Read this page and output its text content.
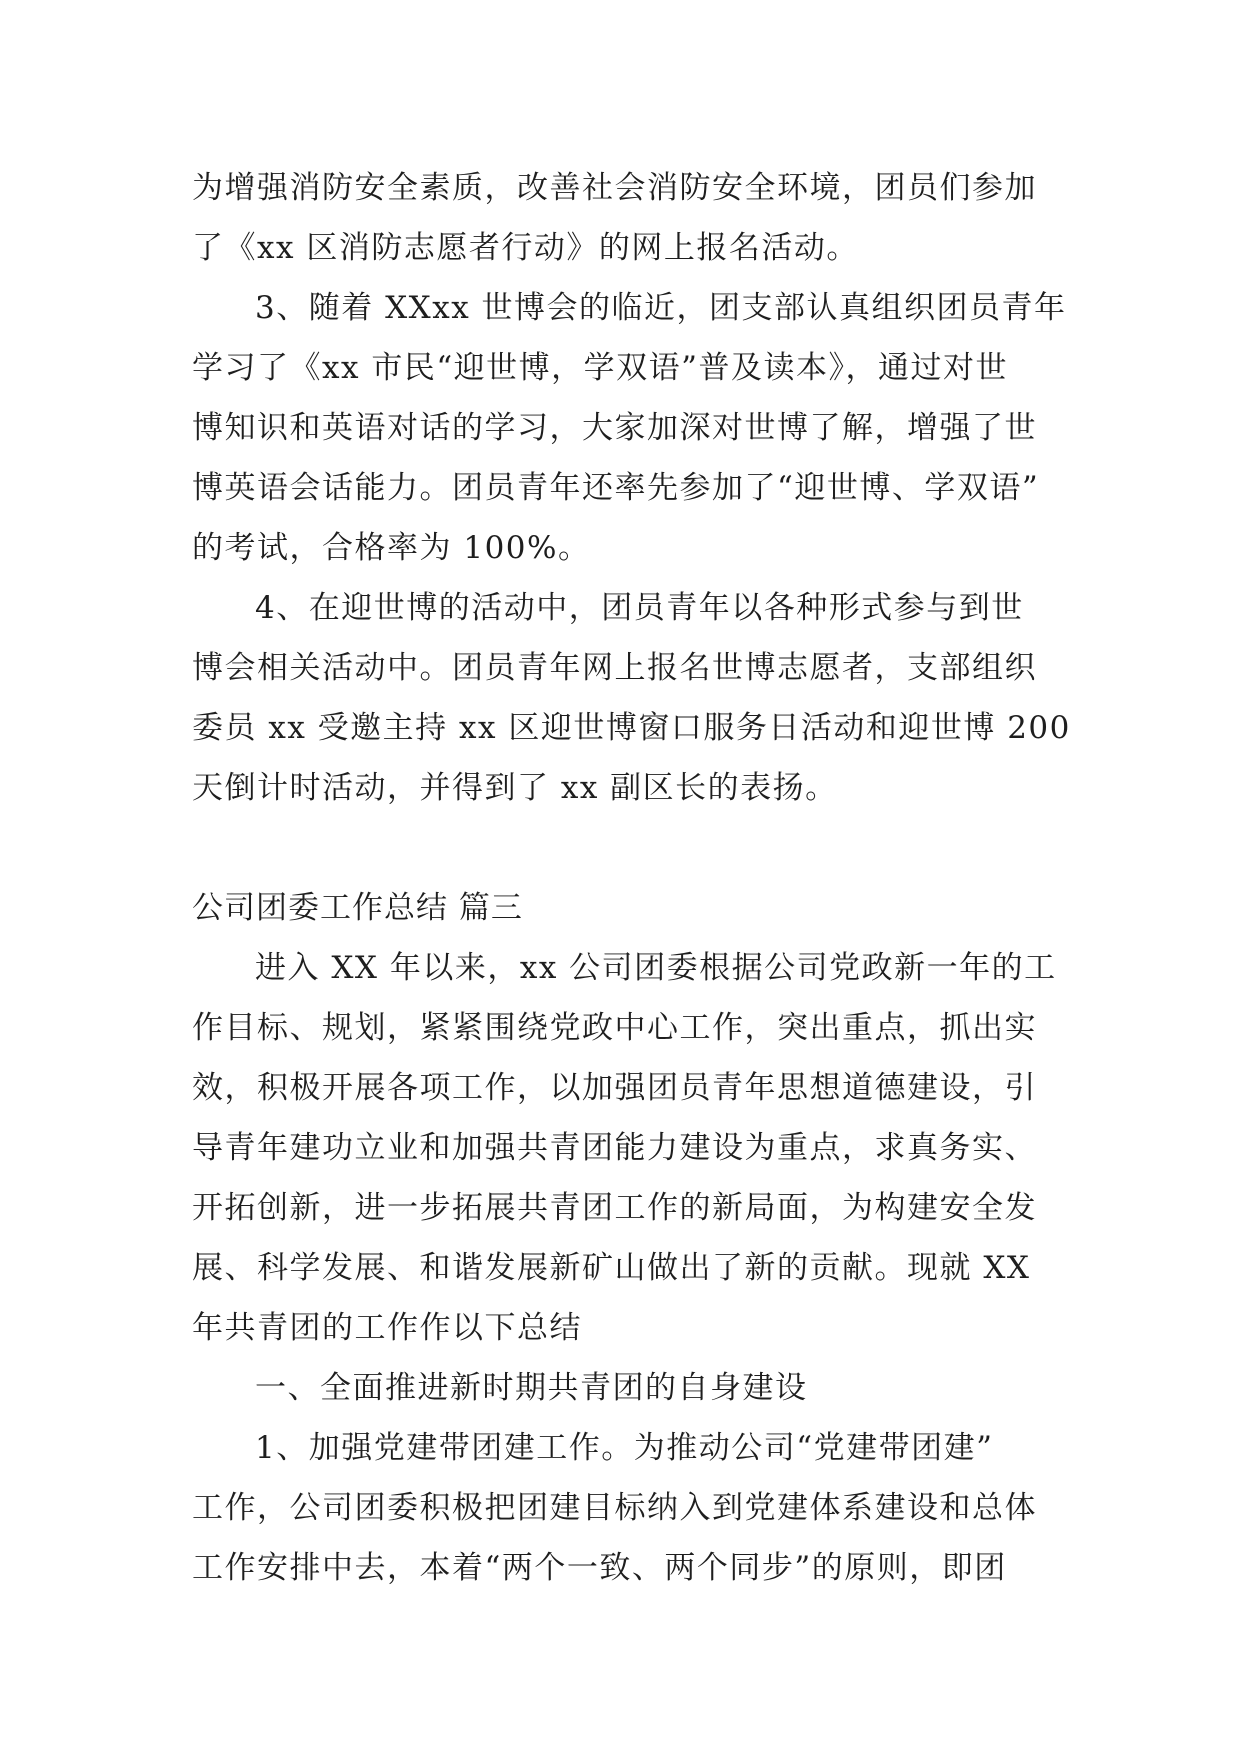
为增强消防安全素质，改善社会消防安全环境，团员们参加
了《xx 区消防志愿者行动》的网上报名活动。
3、随着 XXxx 世博会的临近，团支部认真组织团员青年
学习了《xx 市民“迎世博，学双语”普及读本》，通过对世
博知识和英语对话的学习，大家加深对世博了解，增强了世
博英语会话能力。团员青年还率先参加了“迎世博、学双语”
的考试，合格率为 100%。
4、在迎世博的活动中，团员青年以各种形式参与到世
博会相关活动中。团员青年网上报名世博志愿者，支部组织
委员 xx 受邀主持 xx 区迎世博窗口服务日活动和迎世博 200
天倒计时活动，并得到了 xx 副区长的表扬。
公司团委工作总结 篇三
进入 XX 年以来，xx 公司团委根据公司党政新一年的工
作目标、规划，紧紧围绕党政中心工作，突出重点，抓出实
效，积极开展各项工作，以加强团员青年思想道德建设，引
导青年建功立业和加强共青团能力建设为重点，求真务实、
开拓创新，进一步拓展共青团工作的新局面，为构建安全发
展、科学发展、和谐发展新矿山做出了新的贡献。现就 XX
年共青团的工作作以下总结
一、全面推进新时期共青团的自身建设
1、加强党建带团建工作。为推动公司“党建带团建”
工作，公司团委积极把团建目标纳入到党建体系建设和总体
工作安排中去，本着“两个一致、两个同步”的原则，即团
